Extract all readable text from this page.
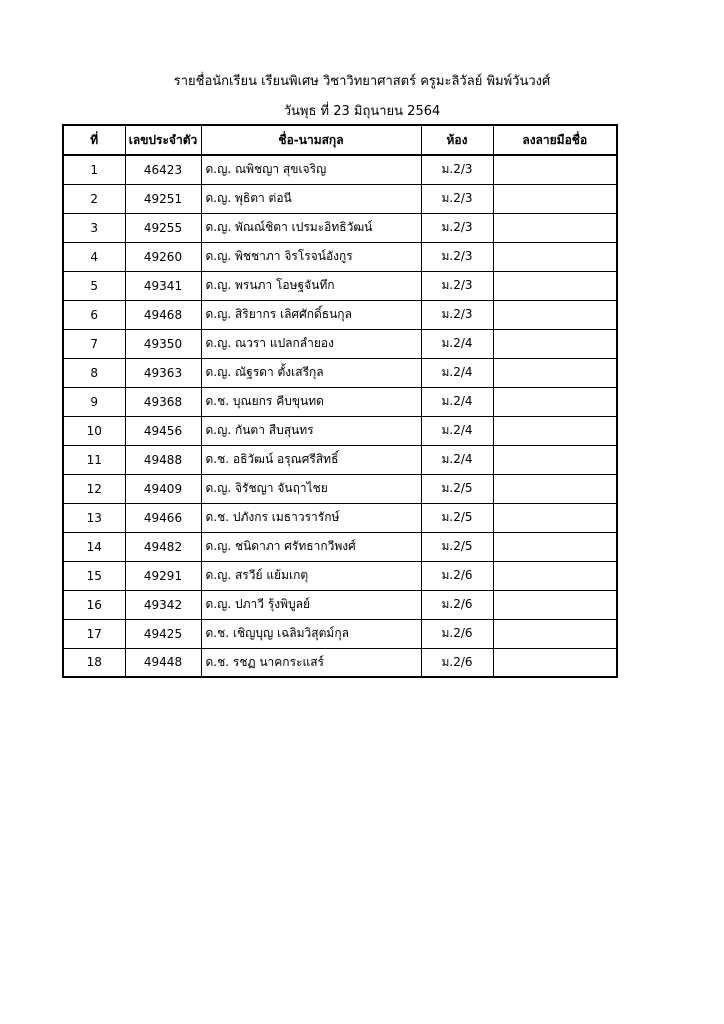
รายชื่อนักเรียน เรียนพิเศษ วิชาวิทยาศาสตร์ ครูมะลิวัลย์ พิมพ์วันวงศ์
วันพุธ ที่ 23 มิถุนายน 2564
ที่	เลขประจำตัว	ชื่อ-นามสกุล	ห้อง	ลงลายมือชื่อ
1	46423	ด.ญ. ณพิชญา สุขเจริญ	ม.2/3	
2	49251	ด.ญ. พุธิตา ต่อนี	ม.2/3	
3	49255	ด.ญ. พัณณ์ชิตา เปรมะอิทธิวัฒน์	ม.2/3	
4	49260	ด.ญ. พิชชาภา จิรโรจน์อังกูร	ม.2/3	
5	49341	ด.ญ. พรนภา โอษฐจันทึก	ม.2/3	
6	49468	ด.ญ. สิริยากร เลิศศักดิ์ธนกุล	ม.2/3	
7	49350	ด.ญ. ณวรา แปลกลำยอง	ม.2/4	
8	49363	ด.ญ. ณัฐรดา ตั้งเสรีกุล	ม.2/4	
9	49368	ด.ช. บุณยกร คีบขุนทด	ม.2/4	
10	49456	ด.ญ. กันตา สืบสุนทร	ม.2/4	
11	49488	ด.ช. อธิวัฒน์ อรุณศรีสิทธิ์	ม.2/4	
12	49409	ด.ญ. จิรัชญา จันฤาไชย	ม.2/5	
13	49466	ด.ช. ปภังกร เมธาวรารักษ์	ม.2/5	
14	49482	ด.ญ. ชนิดาภา ศรัทธากวีพงศ์	ม.2/5	
15	49291	ด.ญ. สรวีย์ แย้มเกตุ	ม.2/6	
16	49342	ด.ญ. ปภาวี รุ้งพิบูลย์	ม.2/6	
17	49425	ด.ช. เชิญบุญ เฉลิมวิสุตม์กุล	ม.2/6	
18	49448	ด.ช. รชฏ นาคกระแสร์	ม.2/6	
